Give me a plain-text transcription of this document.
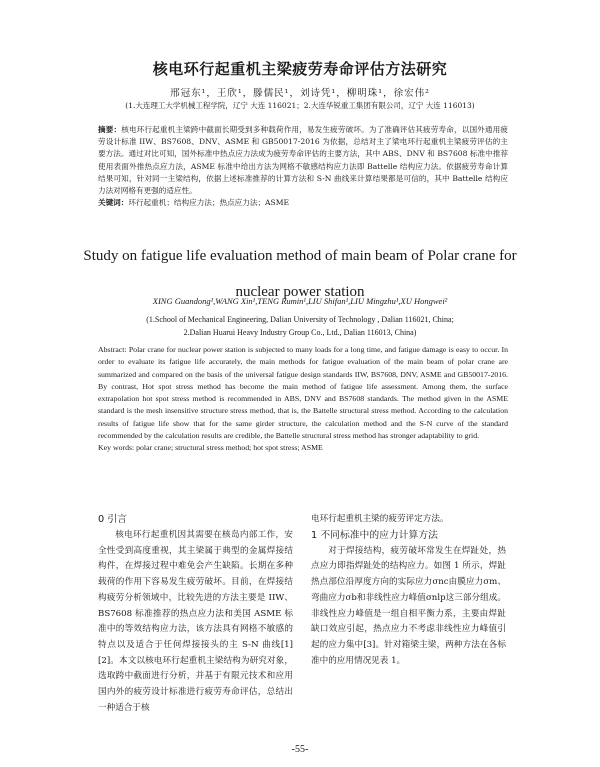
核电环行起重机主梁疲劳寿命评估方法研究
邢冠东¹，王欣¹，滕儒民¹，刘诗凭¹，柳明珠¹，徐宏伟²
(1.大连理工大学机械工程学院，辽宁 大连 116021；2.大连华锐重工集团有限公司，辽宁 大连 116013)
摘要：核电环行起重机主梁跨中截面长期受到多种载荷作用，易发生疲劳破坏。为了准确评估其疲劳寿命，以国外通用疲劳设计标准 IIW、BS7608、DNV、ASME 和 GB50017-2016 为依据，总结对主了梁电环行起重机主梁疲劳评估的主要方法。通过对比可知，国外标准中热点应力法成为疲劳寿命评估的主要方法，其中 ABS、DNV 和 BS7608 标准中推荐使用表面外推热点应力法，ASME 标准中给出方法为网格不敏感结构应力法即 Battelle 结构应力法。依据疲劳寿命计算结果可知，针对同一主梁结构，依据上述标准推荐的计算方法和 S-N 曲线来计算结果都是可信的，其中 Battelle 结构应力法对网格有更强的适应性。
关键词：环行起重机；结构应力法；热点应力法；ASME
Study on fatigue life evaluation method of main beam of Polar crane for nuclear power station
XING Guandong¹,WANG Xin¹,TENG Rumin¹,LIU Shifan¹,LIU Mingzhu¹,XU Hongwei²
(1.School of Mechanical Engineering, Dalian University of Technology , Dalian 116021, China;
2.Dalian Huarui Heavy Industry Group Co., Ltd., Dalian 116013, China)
Abstract: Polar crane for nuclear power station is subjected to many loads for a long time, and fatigue damage is easy to occur. In order to evaluate its fatigue life accurately, the main methods for fatigue evaluation of the main beam of polar crane are summarized and compared on the basis of the universal fatigue design standards IIW, BS7608, DNV, ASME and GB50017-2016. By contrast, Hot spot stress method has become the main method of fatigue life assessment. Among them, the surface extrapolation hot spot stress method is recommended in ABS, DNV and BS7608 standards. The method given in the ASME standard is the mesh insensitive structure stress method, that is, the Battelle structural stress method. According to the calculation results of fatigue life show that for the same girder structure, the calculation method and the S-N curve of the standard recommended by the calculation results are credible, the Battelle structural stress method has stronger adaptability to grid.
Key words: polar crane; structural stress method; hot spot stress; ASME
0 引言

核电环行起重机因其需要在核岛内部工作，安全性受到高度重视，其主梁属于典型的金属焊接结构件，在焊接过程中难免会产生缺陷。长期在多种载荷的作用下容易发生疲劳破坏。目前，在焊接结构疲劳分析领域中，比较先进的方法主要是 IIW、BS7608 标准推荐的热点应力法和美国 ASME 标准中的等效结构应力法，该方法具有网格不敏感的特点以及适合于任何焊接接头的主 S-N 曲线[1][2]。本文以核电环行起重机主梁结构为研究对象，选取跨中截面进行分析，并基于有限元技术和应用国内外的疲劳设计标准进行疲劳寿命评估，总结出一种适合于核

电环行起重机主梁的疲劳评定方法。

1 不同标准中的应力计算方法

对于焊接结构，疲劳破坏常发生在焊趾处，热点应力即指焊趾处的结构应力。如图 1 所示，焊趾热点部位沿厚度方向的实际应力σnc由膜应力σm、弯曲应力σb和非线性应力峰值σnlp这三部分组成。非线性应力峰值是一组自相平衡力系，主要由焊趾缺口效应引起，热点应力不考虑非线性应力峰值引起的应力集中[3]。针对箱梁主梁，两种方法在各标准中的应用情况见表 1。

-55-
